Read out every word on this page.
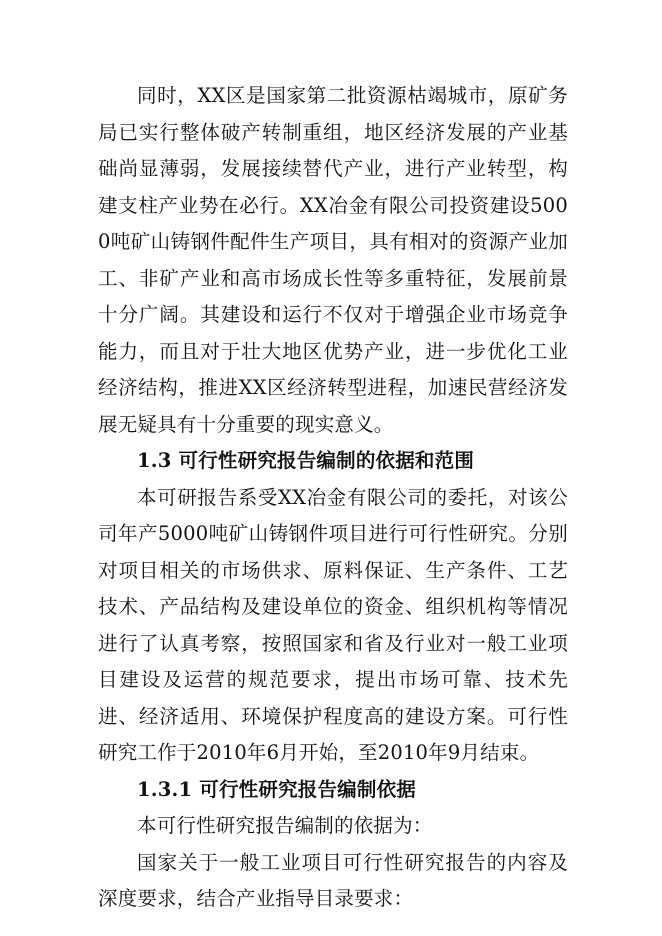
同时，XX区是国家第二批资源枯竭城市，原矿务局已实行整体破产转制重组，地区经济发展的产业基础尚显薄弱，发展接续替代产业，进行产业转型，构建支柱产业势在必行。XX冶金有限公司投资建设5000吨矿山铸钢件配件生产项目，具有相对的资源产业加工、非矿产业和高市场成长性等多重特征，发展前景十分广阔。其建设和运行不仅对于增强企业市场竞争能力，而且对于壮大地区优势产业，进一步优化工业经济结构，推进XX区经济转型进程，加速民营经济发展无疑具有十分重要的现实意义。

1.3 可行性研究报告编制的依据和范围

本可研报告系受XX冶金有限公司的委托，对该公司年产5000吨矿山铸钢件项目进行可行性研究。分别对项目相关的市场供求、原料保证、生产条件、工艺技术、产品结构及建设单位的资金、组织机构等情况进行了认真考察，按照国家和省及行业对一般工业项目建设及运营的规范要求，提出市场可靠、技术先进、经济适用、环境保护程度高的建设方案。可行性研究工作于2010年6月开始，至2010年9月结束。

1.3.1 可行性研究报告编制依据

本可行性研究报告编制的依据为：

国家关于一般工业项目可行性研究报告的内容及深度要求，结合产业指导目录要求：
